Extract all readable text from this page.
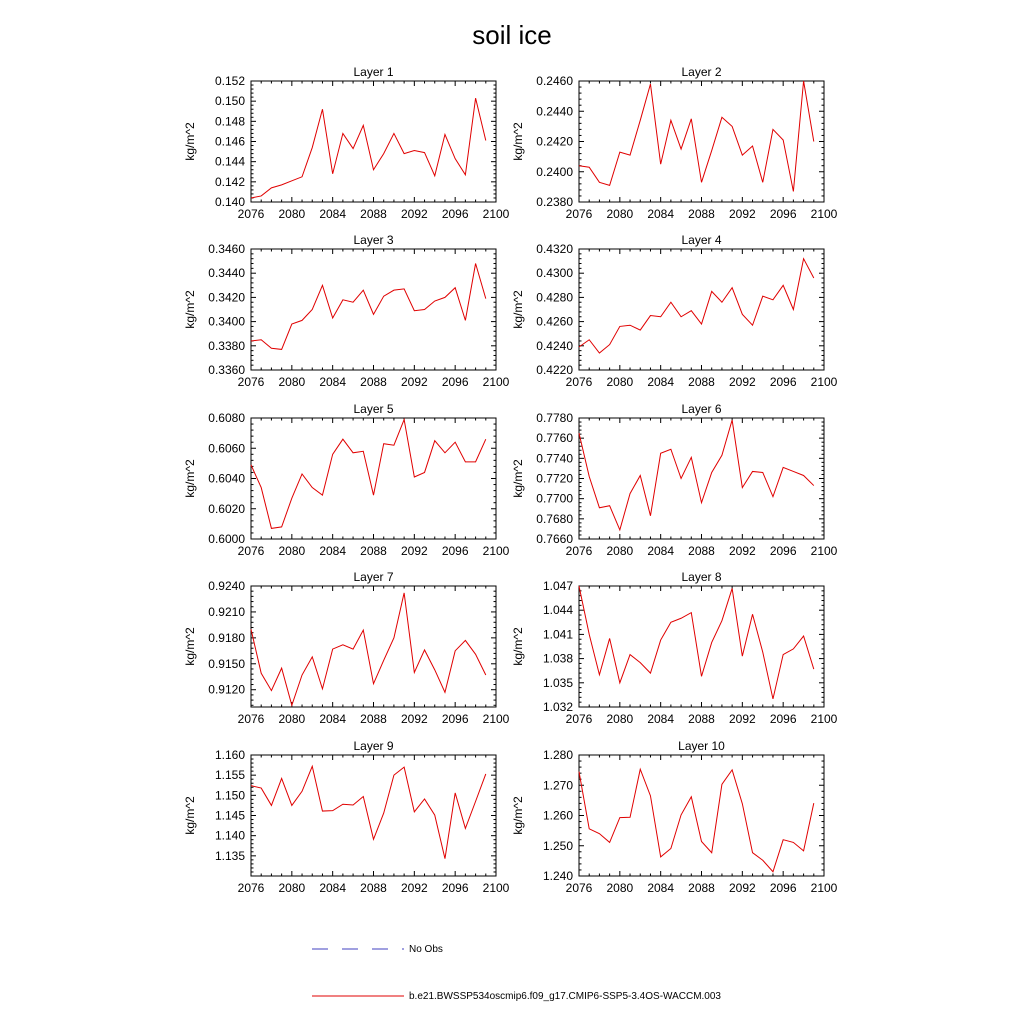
soil ice
Layer 1
kg/m^2
2076 2080 2084 2088 2092 2096 2100
0.140
0.142
0.144
0.146
0.148
0.150
0.152
Layer 2
kg/m^2
2076 2080 2084 2088 2092 2096 2100
0.2380
0.2400
0.2420
0.2440
0.2460
Layer 3
kg/m^2
2076 2080 2084 2088 2092 2096 2100
0.3360
0.3380
0.3400
0.3420
0.3440
0.3460
Layer 4
kg/m^2
2076 2080 2084 2088 2092 2096 2100
0.4220
0.4240
0.4260
0.4280
0.4300
0.4320
Layer 5
kg/m^2
2076 2080 2084 2088 2092 2096 2100
0.6000
0.6020
0.6040
0.6060
0.6080
Layer 6
kg/m^2
2076 2080 2084 2088 2092 2096 2100
0.7660
0.7680
0.7700
0.7720
0.7740
0.7760
0.7780
Layer 7
kg/m^2
2076 2080 2084 2088 2092 2096 2100
0.9120
0.9150
0.9180
0.9210
0.9240
Layer 8
kg/m^2
2076 2080 2084 2088 2092 2096 2100
1.032
1.035
1.038
1.041
1.044
1.047
Layer 9
kg/m^2
2076 2080 2084 2088 2092 2096 2100
1.135
1.140
1.145
1.150
1.155
1.160
Layer 10
kg/m^2
2076 2080 2084 2088 2092 2096 2100
1.240
1.250
1.260
1.270
1.280
No Obs
b.e21.BWSSP534oscmip6.f09_g17.CMIP6-SSP5-3.4OS-WACCM.003
